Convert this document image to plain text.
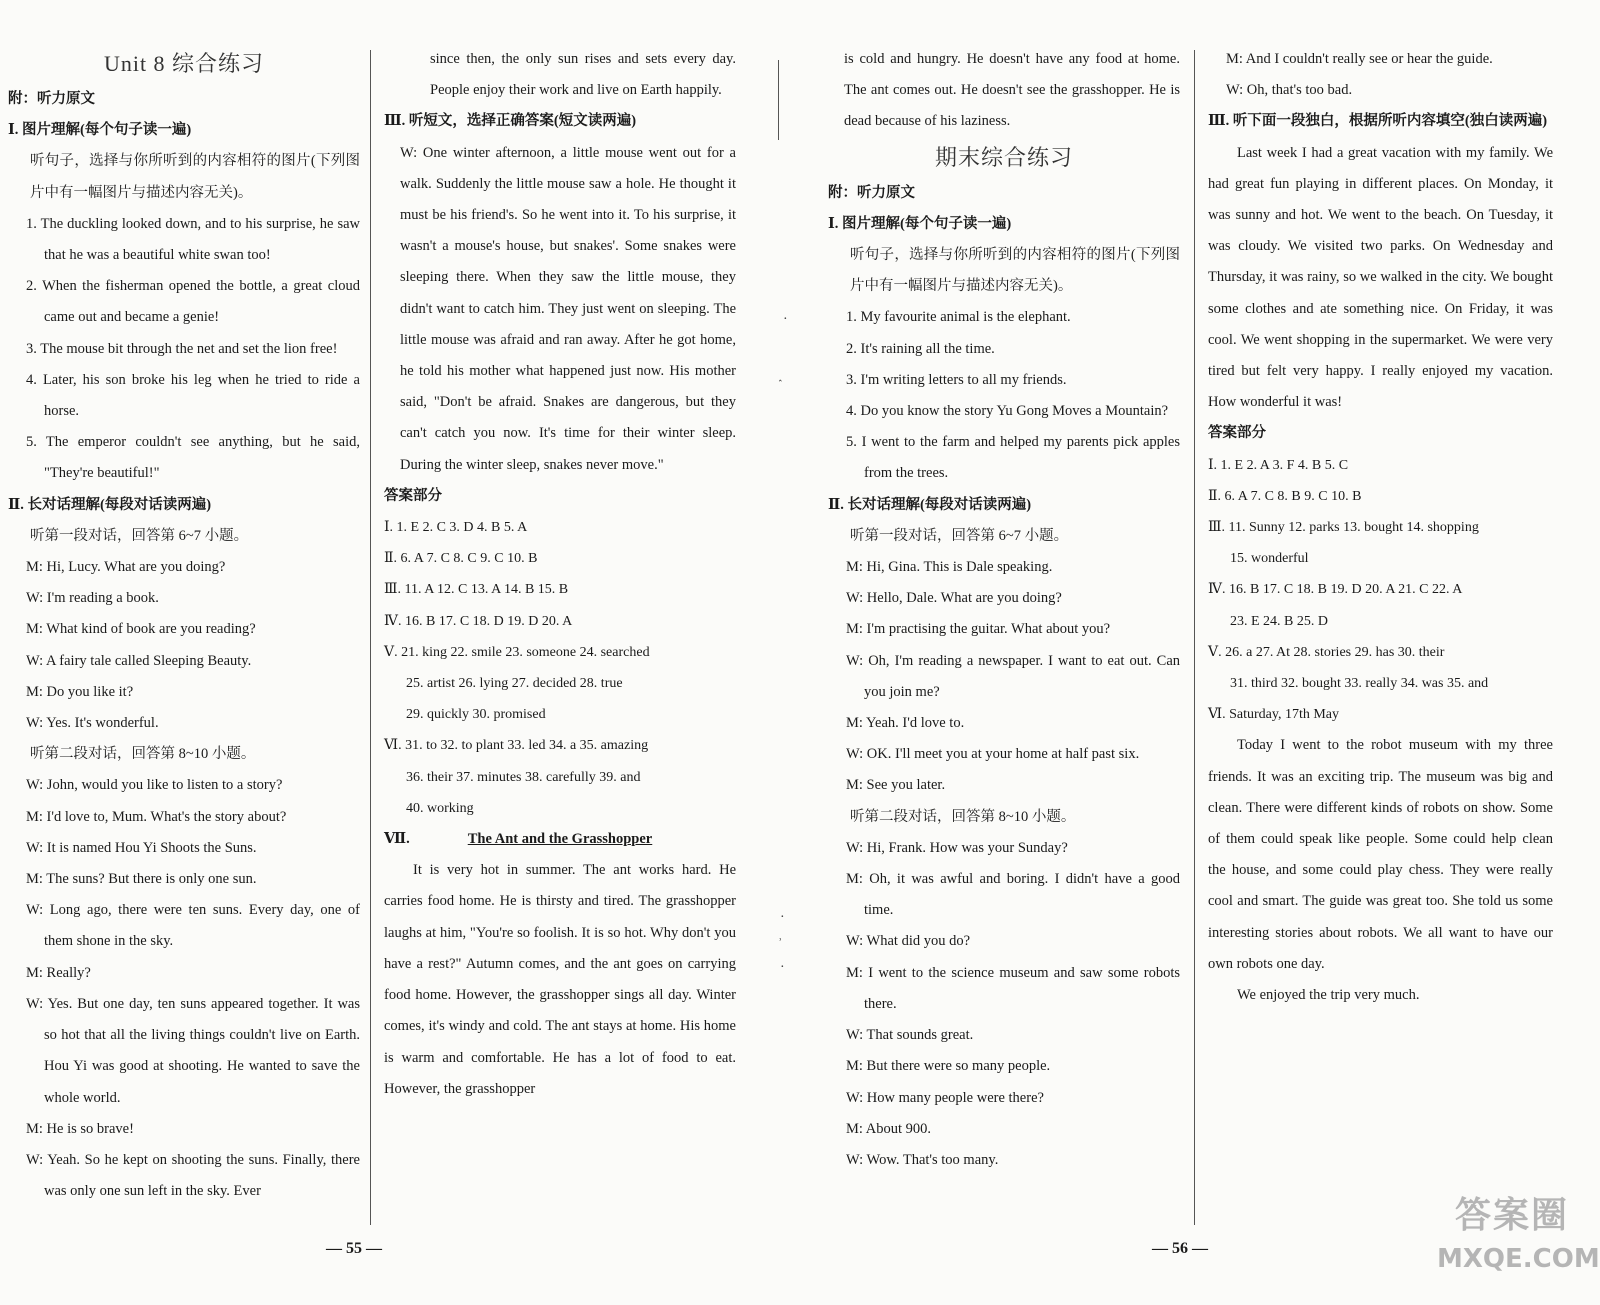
Unit 8 综合练习

附：听力原文

Ⅰ. 图片理解(每个句子读一遍)

听句子，选择与你所听到的内容相符的图片(下列图片中有一幅图片与描述内容无关)。

1. The duckling looked down, and to his surprise, he saw that he was a beautiful white swan too!

2. When the fisherman opened the bottle, a great cloud came out and became a genie!

3. The mouse bit through the net and set the lion free!

4. Later, his son broke his leg when he tried to ride a horse.

5. The emperor couldn't see anything, but he said, "They're beautiful!"

Ⅱ. 长对话理解(每段对话读两遍)

听第一段对话，回答第 6~7 小题。

M: Hi, Lucy. What are you doing?

W: I'm reading a book.

M: What kind of book are you reading?

W: A fairy tale called Sleeping Beauty.

M: Do you like it?

W: Yes. It's wonderful.

听第二段对话，回答第 8~10 小题。

W: John, would you like to listen to a story?

M: I'd love to, Mum. What's the story about?

W: It is named Hou Yi Shoots the Suns.

M: The suns? But there is only one sun.

W: Long ago, there were ten suns. Every day, one of them shone in the sky.

M: Really?

W: Yes. But one day, ten suns appeared together. It was so hot that all the living things couldn't live on Earth. Hou Yi was good at shooting. He wanted to save the whole world.

M: He is so brave!

W: Yeah. So he kept on shooting the suns. Finally, there was only one sun left in the sky. Ever

since then, the only sun rises and sets every day. People enjoy their work and live on Earth happily.

Ⅲ. 听短文，选择正确答案(短文读两遍)

W: One winter afternoon, a little mouse went out for a walk. Suddenly the little mouse saw a hole. He thought it must be his friend's. So he went into it. To his surprise, it wasn't a mouse's house, but snakes'. Some snakes were sleeping there. When they saw the little mouse, they didn't want to catch him. They just went on sleeping. The little mouse was afraid and ran away. After he got home, he told his mother what happened just now. His mother said, "Don't be afraid. Snakes are dangerous, but they can't catch you now. It's time for their winter sleep. During the winter sleep, snakes never move."

答案部分

Ⅰ. 1. E 2. C 3. D 4. B 5. A

Ⅱ. 6. A 7. C 8. C 9. C 10. B

Ⅲ. 11. A 12. C 13. A 14. B 15. B

Ⅳ. 16. B 17. C 18. D 19. D 20. A

Ⅴ. 21. king 22. smile 23. someone 24. searched

25. artist 26. lying 27. decided 28. true

29. quickly 30. promised

Ⅵ. 31. to 32. to plant 33. led 34. a 35. amazing

36. their 37. minutes 38. carefully 39. and

40. working

Ⅶ.	The Ant and the Grasshopper

It is very hot in summer. The ant works hard. He carries food home. He is thirsty and tired. The grasshopper laughs at him, "You're so foolish. It is so hot. Why don't you have a rest?" Autumn comes, and the ant goes on carrying food home. However, the grasshopper sings all day. Winter comes, it's windy and cold. The ant stays at home. His home is warm and comfortable. He has a lot of food to eat. However, the grasshopper

is cold and hungry. He doesn't have any food at home. The ant comes out. He doesn't see the grasshopper. He is dead because of his laziness.

期末综合练习

附：听力原文

Ⅰ. 图片理解(每个句子读一遍)

听句子，选择与你所听到的内容相符的图片(下列图片中有一幅图片与描述内容无关)。

1. My favourite animal is the elephant.

2. It's raining all the time.

3. I'm writing letters to all my friends.

4. Do you know the story Yu Gong Moves a Mountain?

5. I went to the farm and helped my parents pick apples from the trees.

Ⅱ. 长对话理解(每段对话读两遍)

听第一段对话，回答第 6~7 小题。

M: Hi, Gina. This is Dale speaking.

W: Hello, Dale. What are you doing?

M: I'm practising the guitar. What about you?

W: Oh, I'm reading a newspaper. I want to eat out. Can you join me?

M: Yeah. I'd love to.

W: OK. I'll meet you at your home at half past six.

M: See you later.

听第二段对话，回答第 8~10 小题。

W: Hi, Frank. How was your Sunday?

M: Oh, it was awful and boring. I didn't have a good time.

W: What did you do?

M: I went to the science museum and saw some robots there.

W: That sounds great.

M: But there were so many people.

W: How many people were there?

M: About 900.

W: Wow. That's too many.

M: And I couldn't really see or hear the guide.

W: Oh, that's too bad.

Ⅲ. 听下面一段独白，根据所听内容填空(独白读两遍)

Last week I had a great vacation with my family. We had great fun playing in different places. On Monday, it was sunny and hot. We went to the beach. On Tuesday, it was cloudy. We visited two parks. On Wednesday and Thursday, it was rainy, so we walked in the city. We bought some clothes and ate something nice. On Friday, it was cool. We went shopping in the supermarket. We were very tired but felt very happy. I really enjoyed my vacation. How wonderful it was!

答案部分

Ⅰ. 1. E 2. A 3. F 4. B 5. C

Ⅱ. 6. A 7. C 8. B 9. C 10. B

Ⅲ. 11. Sunny 12. parks 13. bought 14. shopping

15. wonderful

Ⅳ. 16. B 17. C 18. B 19. D 20. A 21. C 22. A

23. E 24. B 25. D

Ⅴ. 26. a 27. At 28. stories 29. has 30. their

31. third 32. bought 33. really 34. was 35. and

Ⅵ. Saturday, 17th May

Today I went to the robot museum with my three friends. It was an exciting trip. The museum was big and clean. There were different kinds of robots on show. Some of them could speak like people. Some could help clean the house, and some could play chess. They were really cool and smart. The guide was great too. She told us some interesting stories about robots. We all want to have our own robots one day.

We enjoyed the trip very much.

— 55 —	— 56 —
·
˰
·
˒
·
答案圈
MXQE.COM
